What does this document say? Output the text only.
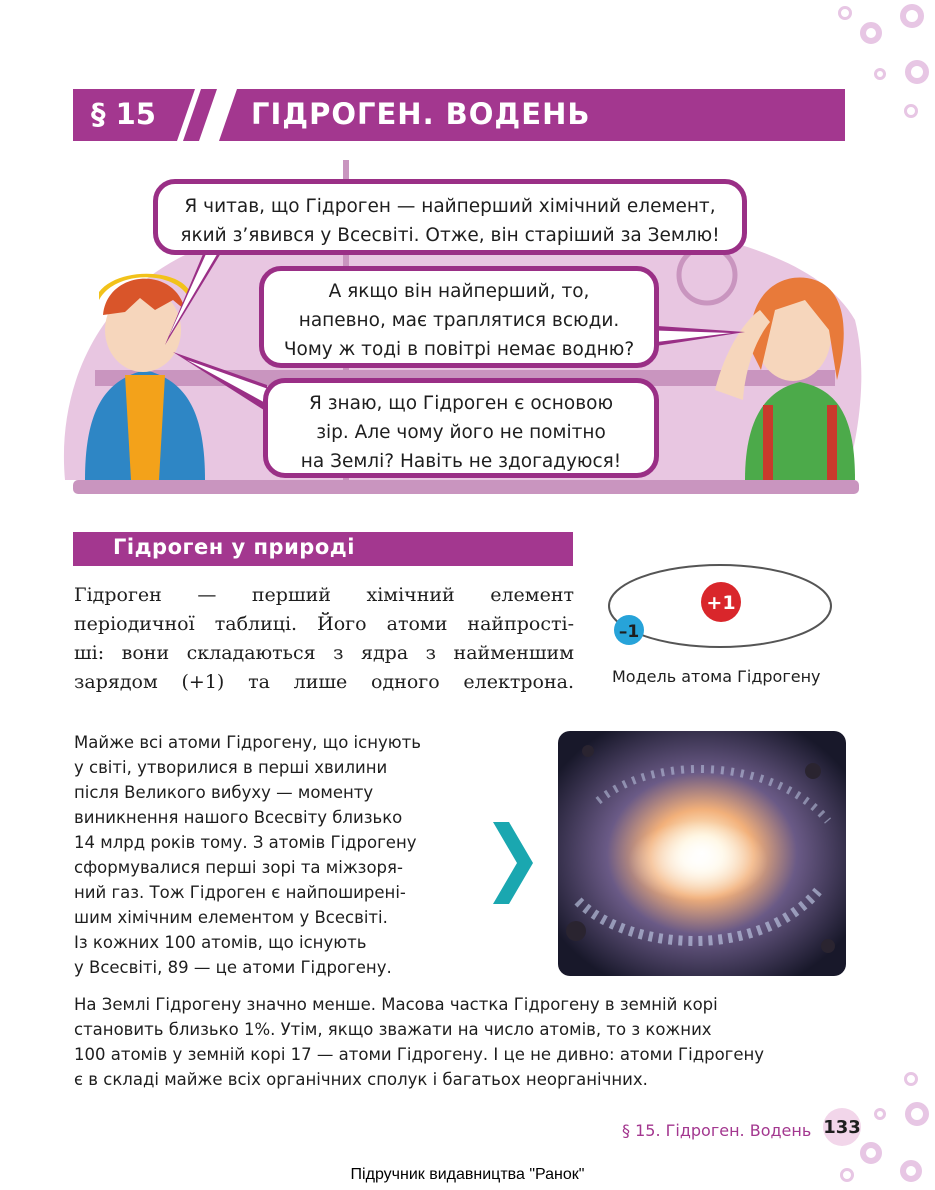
§ 15	ГІДРОГЕН. ВОДЕНЬ
Я читав, що Гідроген — найперший хімічний елемент,
який з’явився у Всесвіті. Отже, він старіший за Землю!
А якщо він найперший, то,
напевно, має траплятися всюди.
Чому ж тоді в повітрі немає водню?
Я знаю, що Гідроген є основою
зір. Але чому його не помітно
на Землі? Навіть не здогадуюся!
Гідроген у природі
Гідроген — перший хімічний елемент
періодичної таблиці. Його атоми найпрості-
ші: вони складаються з ядра з найменшим
зарядом (+1) та лише одного електрона.
+1
–1
Модель атома Гідрогену
Майже всі атоми Гідрогену, що існують
у світі, утворилися в перші хвилини
після Великого вибуху — моменту
виникнення нашого Всесвіту близько
14 млрд років тому. З атомів Гідрогену
сформувалися перші зорі та міжзоря-
ний газ. Тож Гідроген є найпоширені-
шим хімічним елементом у Всесвіті.
Із кожних 100 атомів, що існують
у Всесвіті, 89 — це атоми Гідрогену.
На Землі Гідрогену значно менше. Масова частка Гідрогену в земній корі
становить близько 1%. Утім, якщо зважати на число атомів, то з кожних
100 атомів у земній корі 17 — атоми Гідрогену. І це не дивно: атоми Гідрогену
є в складі майже всіх органічних сполук і багатьох неорганічних.
§ 15. Гідроген. Водень 133
Підручник видавництва "Ранок"
